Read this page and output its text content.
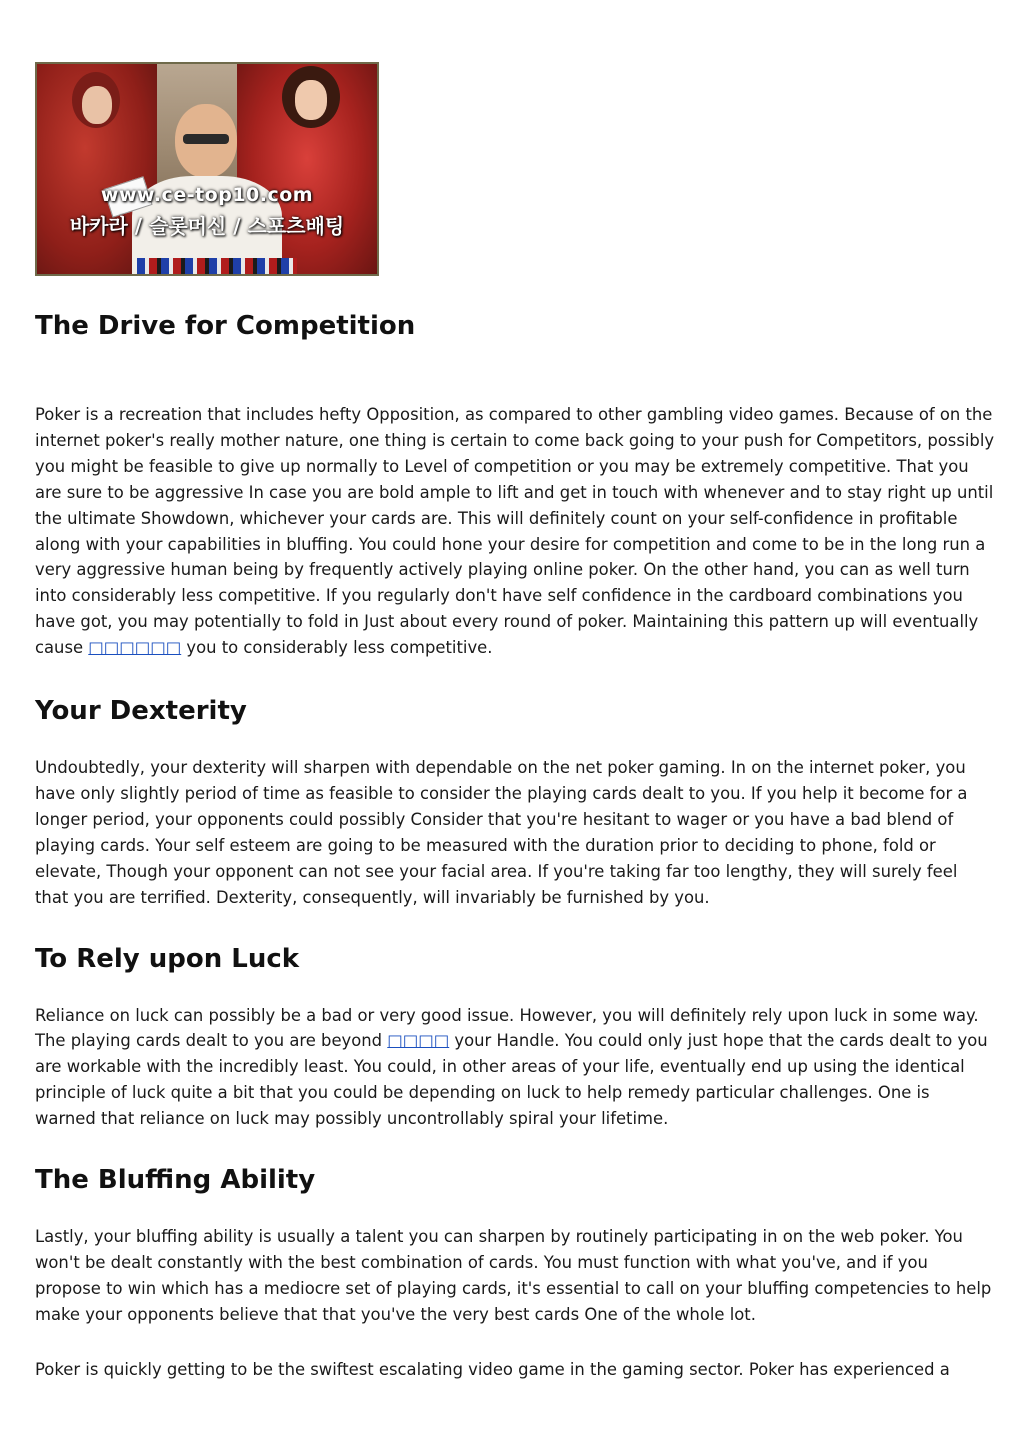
www.ce-top10.com
바카라 / 슬롯머신 / 스포츠배팅
The Drive for Competition

Poker is a recreation that includes hefty Opposition, as compared to other gambling video games. Because of on the internet poker's really mother nature, one thing is certain to come back going to your push for Competitors, possibly you might be feasible to give up normally to Level of competition or you may be extremely competitive. That you are sure to be aggressive In case you are bold ample to lift and get in touch with whenever and to stay right up until the ultimate Showdown, whichever your cards are. This will definitely count on your self-confidence in profitable along with your capabilities in bluffing. You could hone your desire for competition and come to be in the long run a very aggressive human being by frequently actively playing online poker. On the other hand, you can as well turn into considerably less competitive. If you regularly don't have self confidence in the cardboard combinations you have got, you may potentially to fold in Just about every round of poker. Maintaining this pattern up will eventually cause □□□□□□ you to considerably less competitive.

Your Dexterity

Undoubtedly, your dexterity will sharpen with dependable on the net poker gaming. In on the internet poker, you have only slightly period of time as feasible to consider the playing cards dealt to you. If you help it become for a longer period, your opponents could possibly Consider that you're hesitant to wager or you have a bad blend of playing cards. Your self esteem are going to be measured with the duration prior to deciding to phone, fold or elevate, Though your opponent can not see your facial area. If you're taking far too lengthy, they will surely feel that you are terrified. Dexterity, consequently, will invariably be furnished by you.

To Rely upon Luck

Reliance on luck can possibly be a bad or very good issue. However, you will definitely rely upon luck in some way. The playing cards dealt to you are beyond □□□□ your Handle. You could only just hope that the cards dealt to you are workable with the incredibly least. You could, in other areas of your life, eventually end up using the identical principle of luck quite a bit that you could be depending on luck to help remedy particular challenges. One is warned that reliance on luck may possibly uncontrollably spiral your lifetime.

The Bluffing Ability

Lastly, your bluffing ability is usually a talent you can sharpen by routinely participating in on the web poker. You won't be dealt constantly with the best combination of cards. You must function with what you've, and if you propose to win which has a mediocre set of playing cards, it's essential to call on your bluffing competencies to help make your opponents believe that that you've the very best cards One of the whole lot.

Poker is quickly getting to be the swiftest escalating video game in the gaming sector. Poker has experienced a
